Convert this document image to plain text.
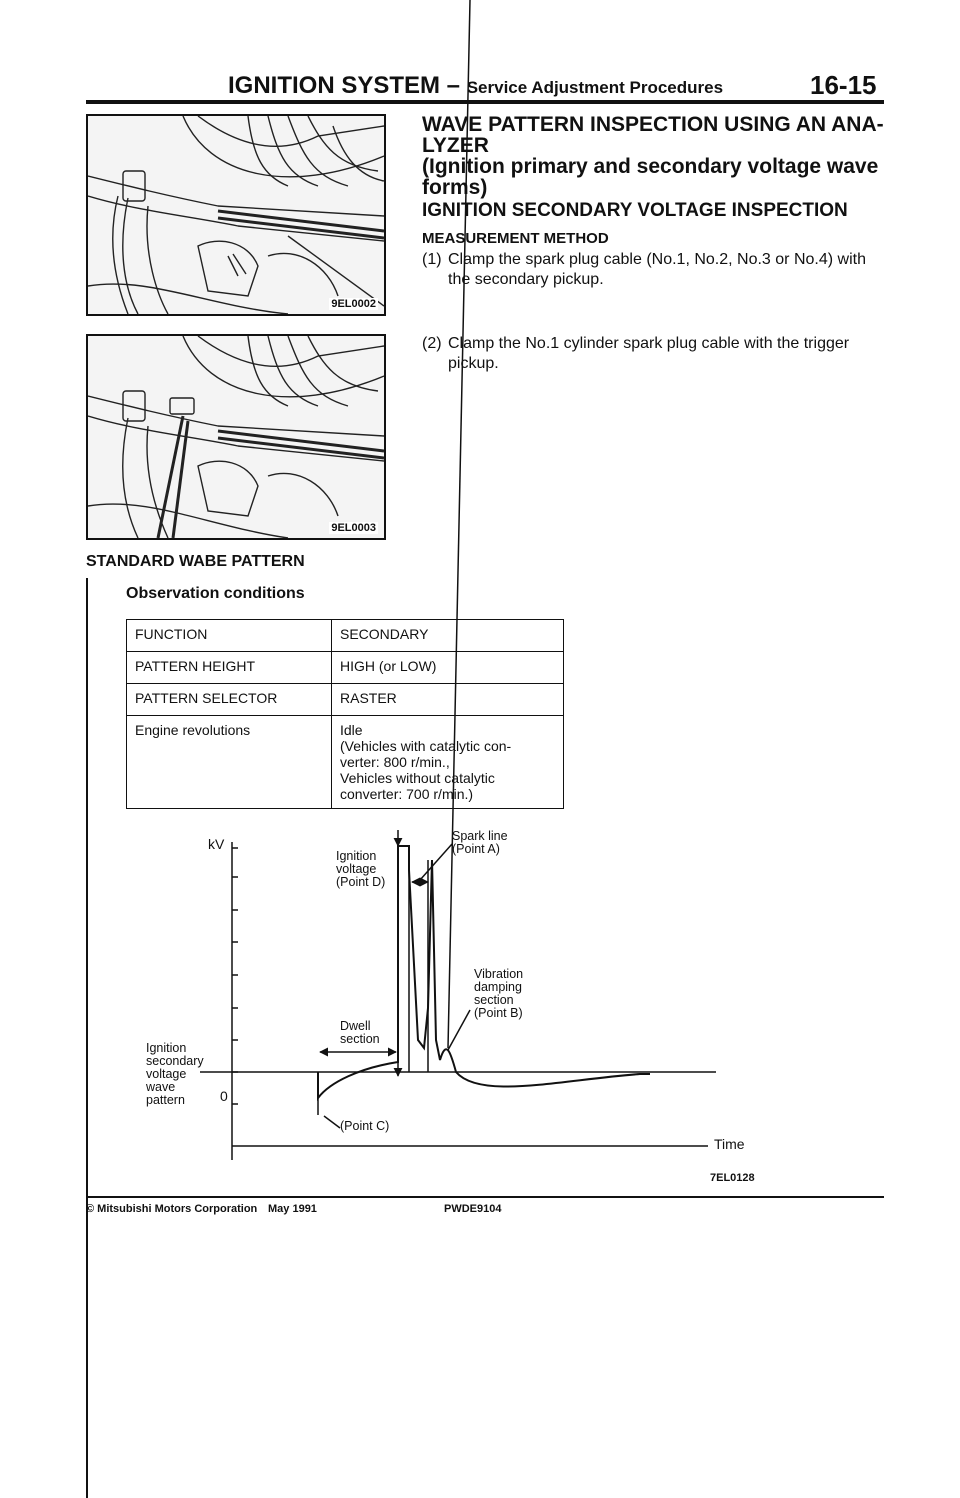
IGNITION SYSTEM – Service Adjustment Procedures	16-15
9EL0002
9EL0003
WAVE PATTERN INSPECTION USING AN ANA-
LYZER
(Ignition primary and secondary voltage wave
forms)
IGNITION SECONDARY VOLTAGE INSPECTION
MEASUREMENT METHOD
(1) Clamp the spark plug cable (No.1, No.2, No.3 or No.4) with
the secondary pickup.
(2) Clamp the No.1 cylinder spark plug cable with the trigger
pickup.
STANDARD WABE PATTERN
Observation conditions
FUNCTION	SECONDARY
PATTERN HEIGHT	HIGH (or LOW)
PATTERN SELECTOR	RASTER
Engine revolutions	Idle
(Vehicles with catalytic con-
verter: 800 r/min.,
Vehicles without catalytic
converter: 700 r/min.)
kV
0
Ignition
secondary
voltage
wave
pattern
Ignition
voltage
(Point D)
Spark line
(Point A)
Vibration
damping
section
(Point B)
Dwell
section
(Point C)
Time
7EL0128
© Mitsubishi Motors Corporation May 1991	PWDE9104
